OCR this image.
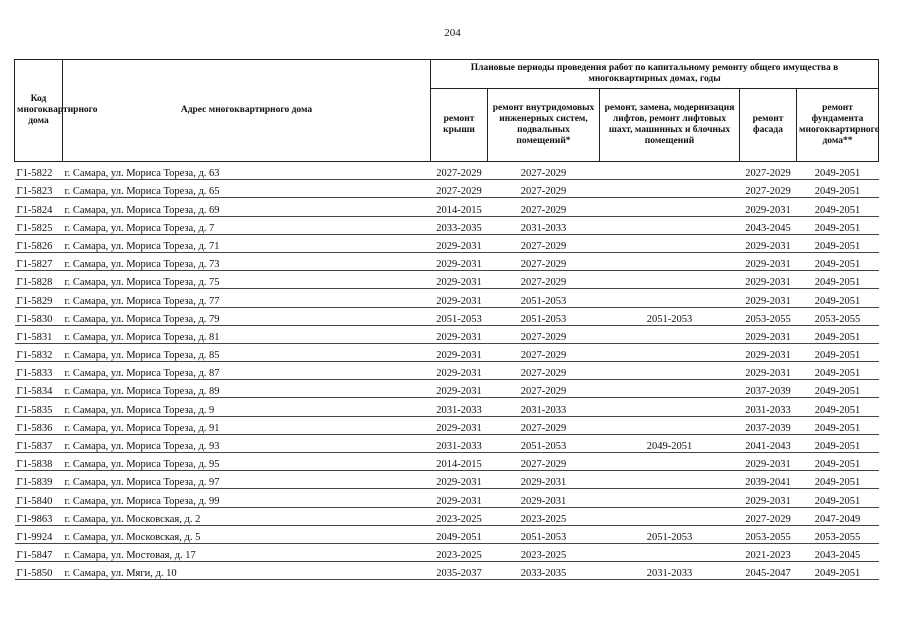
204
Код многоквартирного дома	Адрес многоквартирного дома	Плановые периоды проведения работ по капитальному ремонту общего имущества в многоквартирных домах, годы				
		ремонт крыши	ремонт внутридомовых инженерных систем, подвальных помещений*	ремонт, замена, модернизация лифтов, ремонт лифтовых шахт, машинных и блочных помещений	ремонт фасада	ремонт фундамента многоквартирного дома**
Г1-5822	г. Самара, ул. Мориса Тореза, д. 63	2027-2029	2027-2029		2027-2029	2049-2051
Г1-5823	г. Самара, ул. Мориса Тореза, д. 65	2027-2029	2027-2029		2027-2029	2049-2051
Г1-5824	г. Самара, ул. Мориса Тореза, д. 69	2014-2015	2027-2029		2029-2031	2049-2051
Г1-5825	г. Самара, ул. Мориса Тореза, д. 7	2033-2035	2031-2033		2043-2045	2049-2051
Г1-5826	г. Самара, ул. Мориса Тореза, д. 71	2029-2031	2027-2029		2029-2031	2049-2051
Г1-5827	г. Самара, ул. Мориса Тореза, д. 73	2029-2031	2027-2029		2029-2031	2049-2051
Г1-5828	г. Самара, ул. Мориса Тореза, д. 75	2029-2031	2027-2029		2029-2031	2049-2051
Г1-5829	г. Самара, ул. Мориса Тореза, д. 77	2029-2031	2051-2053		2029-2031	2049-2051
Г1-5830	г. Самара, ул. Мориса Тореза, д. 79	2051-2053	2051-2053	2051-2053	2053-2055	2053-2055
Г1-5831	г. Самара, ул. Мориса Тореза, д. 81	2029-2031	2027-2029		2029-2031	2049-2051
Г1-5832	г. Самара, ул. Мориса Тореза, д. 85	2029-2031	2027-2029		2029-2031	2049-2051
Г1-5833	г. Самара, ул. Мориса Тореза, д. 87	2029-2031	2027-2029		2029-2031	2049-2051
Г1-5834	г. Самара, ул. Мориса Тореза, д. 89	2029-2031	2027-2029		2037-2039	2049-2051
Г1-5835	г. Самара, ул. Мориса Тореза, д. 9	2031-2033	2031-2033		2031-2033	2049-2051
Г1-5836	г. Самара, ул. Мориса Тореза, д. 91	2029-2031	2027-2029		2037-2039	2049-2051
Г1-5837	г. Самара, ул. Мориса Тореза, д. 93	2031-2033	2051-2053	2049-2051	2041-2043	2049-2051
Г1-5838	г. Самара, ул. Мориса Тореза, д. 95	2014-2015	2027-2029		2029-2031	2049-2051
Г1-5839	г. Самара, ул. Мориса Тореза, д. 97	2029-2031	2029-2031		2039-2041	2049-2051
Г1-5840	г. Самара, ул. Мориса Тореза, д. 99	2029-2031	2029-2031		2029-2031	2049-2051
Г1-9863	г. Самара, ул. Московская, д. 2	2023-2025	2023-2025		2027-2029	2047-2049
Г1-9924	г. Самара, ул. Московская, д. 5	2049-2051	2051-2053	2051-2053	2053-2055	2053-2055
Г1-5847	г. Самара, ул. Мостовая, д. 17	2023-2025	2023-2025		2021-2023	2043-2045
Г1-5850	г. Самара, ул. Мяги, д. 10	2035-2037	2033-2035	2031-2033	2045-2047	2049-2051
